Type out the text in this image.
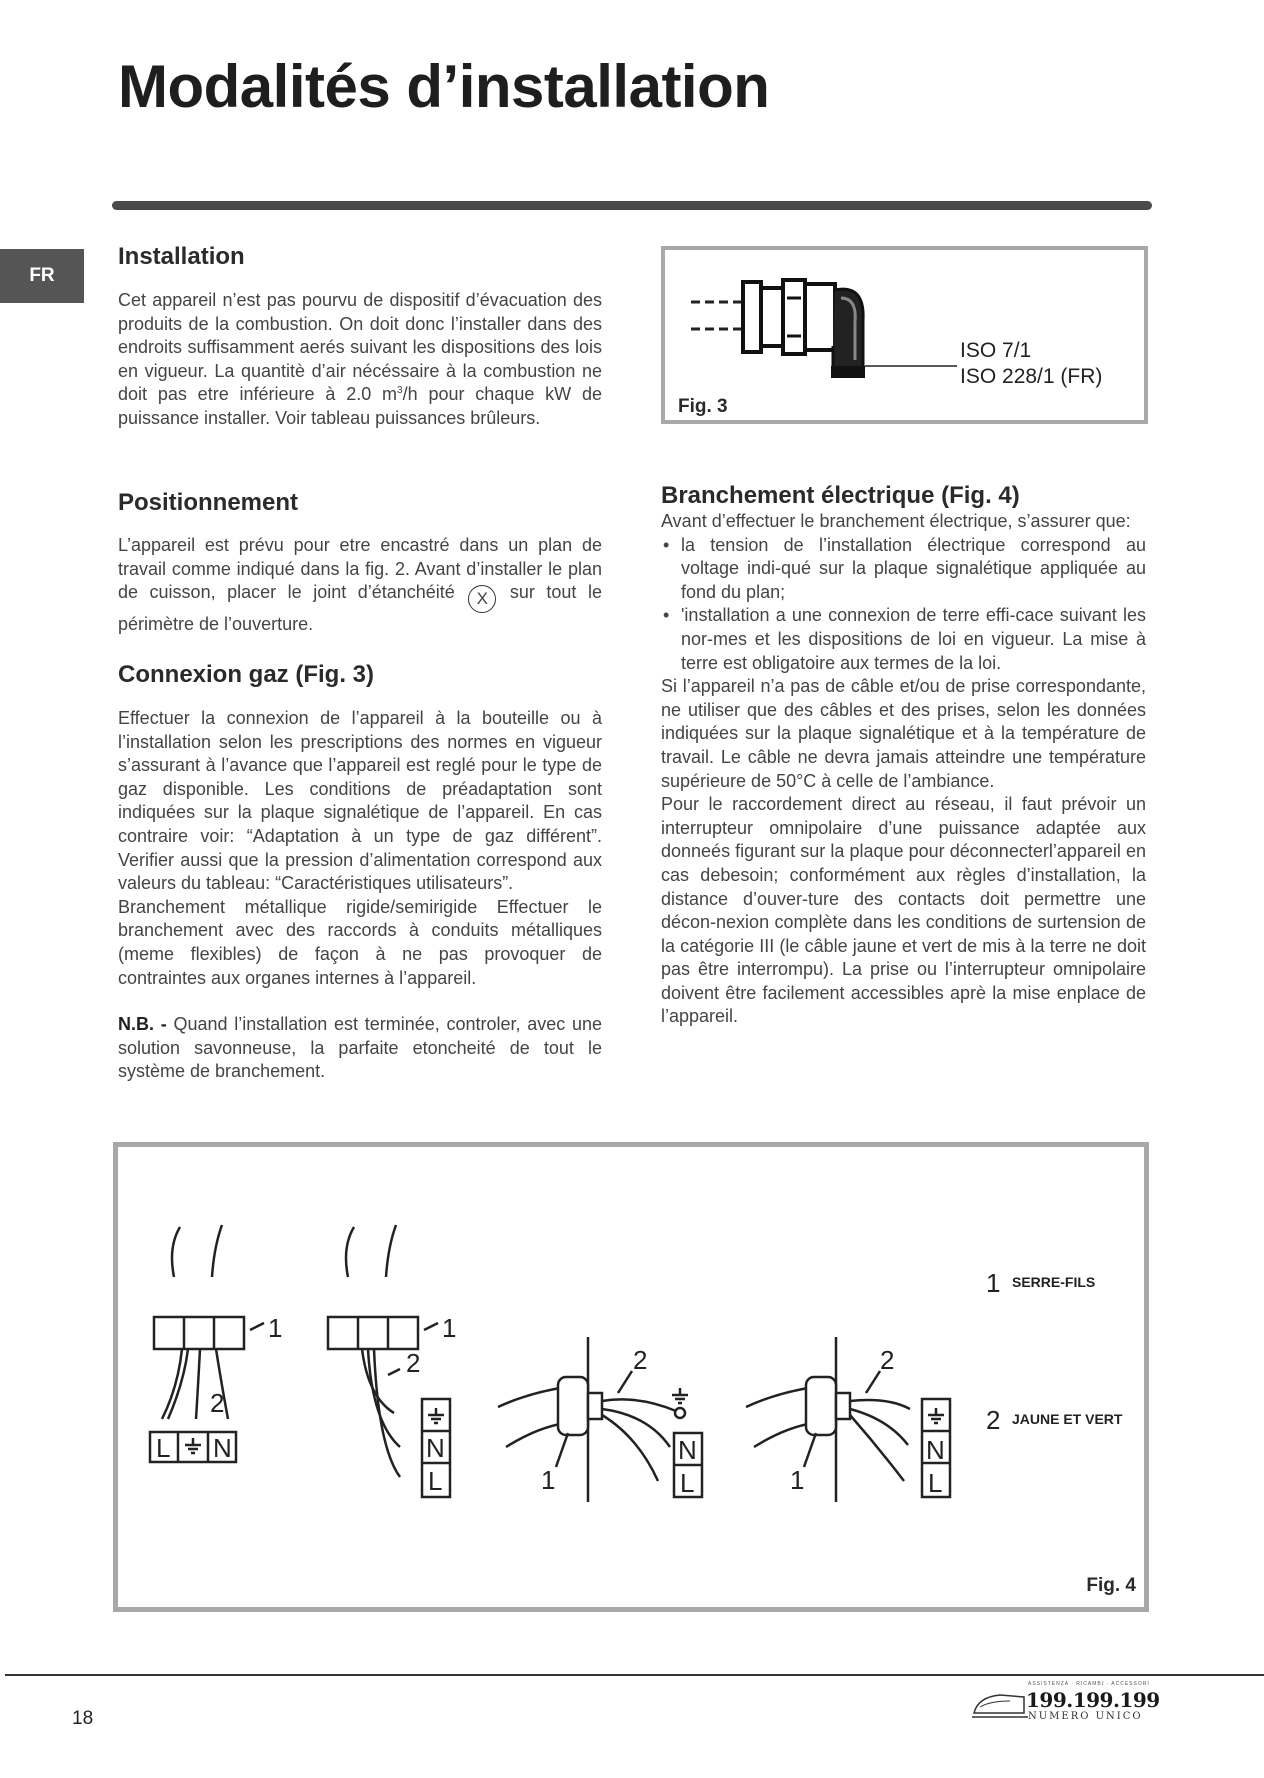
Modalités d’installation
FR
Installation

Cet appareil n’est pas pourvu de dispositif d’évacuation des produits de la combustion. On doit donc l’installer dans des endroits suffisamment aerés suivant les dispositions des lois en vigueur. La quantitè d’air nécéssaire à la combustion ne doit pas etre inférieure à 2.0 $m^3/h$ pour chaque kW de puissance installer. Voir tableau puissances brûleurs.

Positionnement

L’appareil est prévu pour etre encastré dans un plan de travail comme indiqué dans la fig. 2. Avant d’installer le plan de cuisson, placer le joint d’étanchéité X sur tout le périmètre de l’ouverture.

Connexion gaz (Fig. 3)

Effectuer la connexion de l’appareil à la bouteille ou à l’installation selon les prescriptions des normes en vigueur s’assurant à l’avance que l’appareil est reglé pour le type de gaz disponible. Les conditions de préadaptation sont indiquées sur la plaque signalétique de l’appareil. En cas contraire voir: “Adaptation à un type de gaz différent”. Verifier aussi que la pression d’alimentation correspond aux valeurs du tableau: “Caractéristiques utilisateurs”.

Branchement métallique rigide/semirigide Effectuer le branchement avec des raccords à conduits métalliques (meme flexibles) de façon à ne pas provoquer de contraintes aux organes internes à l’appareil.

N.B. - Quand l’installation est terminée, controler, avec une solution savonneuse, la parfaite etoncheité de tout le système de branchement.

ISO 7/1
ISO 228/1 (FR)
Fig. 3
Branchement électrique (Fig. 4)

Avant d’effectuer le branchement électrique, s’assurer que:

• la tension de l’installation électrique correspond au voltage indi-qué sur la plaque signalétique appliquée au fond du plan;
• 'installation a une connexion de terre effi-cace suivant les nor-mes et les dispositions de loi en vigueur. La mise à terre est obligatoire aux termes de la loi.

Si l’appareil n’a pas de câble et/ou de prise correspondante, ne utiliser que des câbles et des prises, selon les données indiquées sur la plaque signalétique et à la température de travail. Le câble ne devra jamais atteindre une température supérieure de 50°C à celle de l’ambiance.

Pour le raccordement direct au réseau, il faut prévoir un interrupteur omnipolaire d’une puissance adaptée aux donneés figurant sur la plaque pour déconnecterl’appareil en cas debesoin; conformément aux règles d’installation, la distance d’ouver-ture des contacts doit permettre une décon-nexion complète dans les conditions de surtension de la catégorie III (le câble jaune et vert de mis à la terre ne doit pas être interrompu). La prise ou l’interrupteur omnipolaire doivent être facilement accessibles aprè la mise enplace de l’appareil.

1
2
L N
1
2
N
L
2
1
N
L
2
1
N
L
1 SERRE-FILS
2 JAUNE ET VERT
Fig. 4
18
ASSISTENZA · RICAMBI · ACCESSORI
199.199.199
NUMERO UNICO
